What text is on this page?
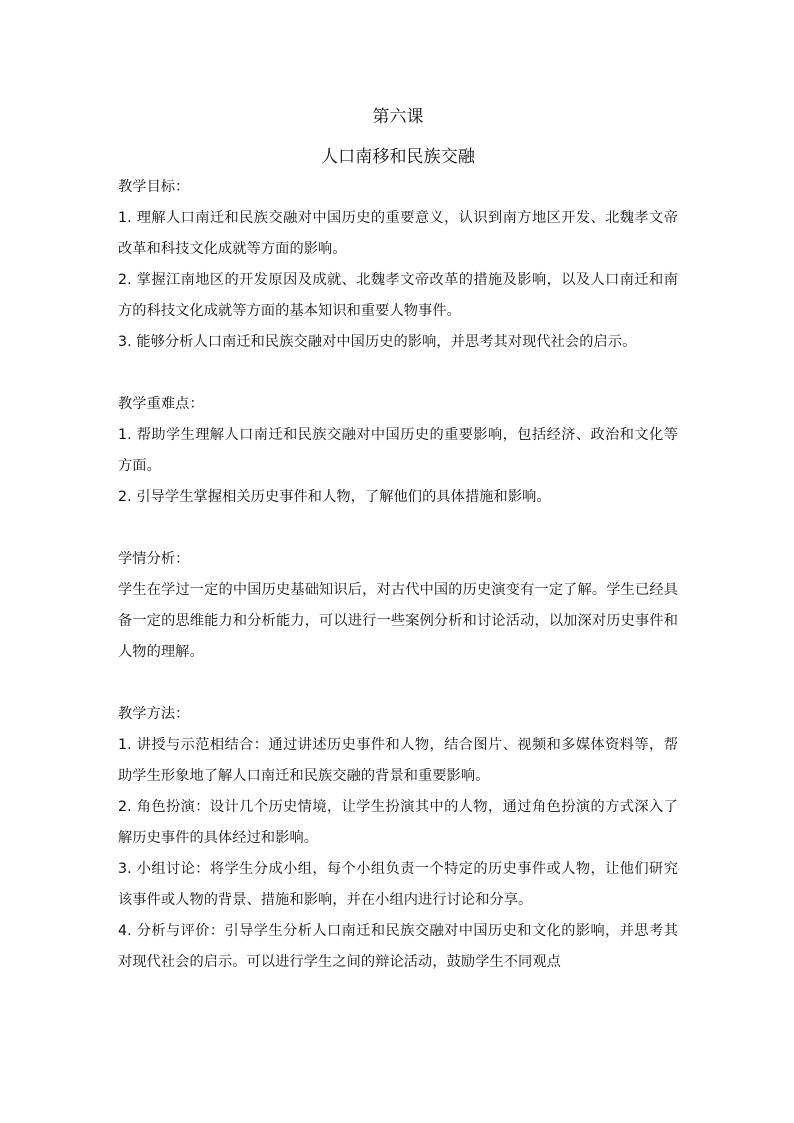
第六课

人口南移和民族交融

教学目标：

1. 理解人口南迁和民族交融对中国历史的重要意义，认识到南方地区开发、北魏孝文帝改革和科技文化成就等方面的影响。

2. 掌握江南地区的开发原因及成就、北魏孝文帝改革的措施及影响，以及人口南迁和南方的科技文化成就等方面的基本知识和重要人物事件。

3. 能够分析人口南迁和民族交融对中国历史的影响，并思考其对现代社会的启示。

教学重难点：

1. 帮助学生理解人口南迁和民族交融对中国历史的重要影响，包括经济、政治和文化等方面。

2. 引导学生掌握相关历史事件和人物，了解他们的具体措施和影响。

学情分析：

学生在学过一定的中国历史基础知识后，对古代中国的历史演变有一定了解。学生已经具备一定的思维能力和分析能力，可以进行一些案例分析和讨论活动，以加深对历史事件和人物的理解。

教学方法：

1. 讲授与示范相结合：通过讲述历史事件和人物，结合图片、视频和多媒体资料等，帮助学生形象地了解人口南迁和民族交融的背景和重要影响。

2. 角色扮演：设计几个历史情境，让学生扮演其中的人物，通过角色扮演的方式深入了解历史事件的具体经过和影响。

3. 小组讨论：将学生分成小组，每个小组负责一个特定的历史事件或人物，让他们研究该事件或人物的背景、措施和影响，并在小组内进行讨论和分享。

4. 分析与评价：引导学生分析人口南迁和民族交融对中国历史和文化的影响，并思考其对现代社会的启示。可以进行学生之间的辩论活动，鼓励学生不同观点
